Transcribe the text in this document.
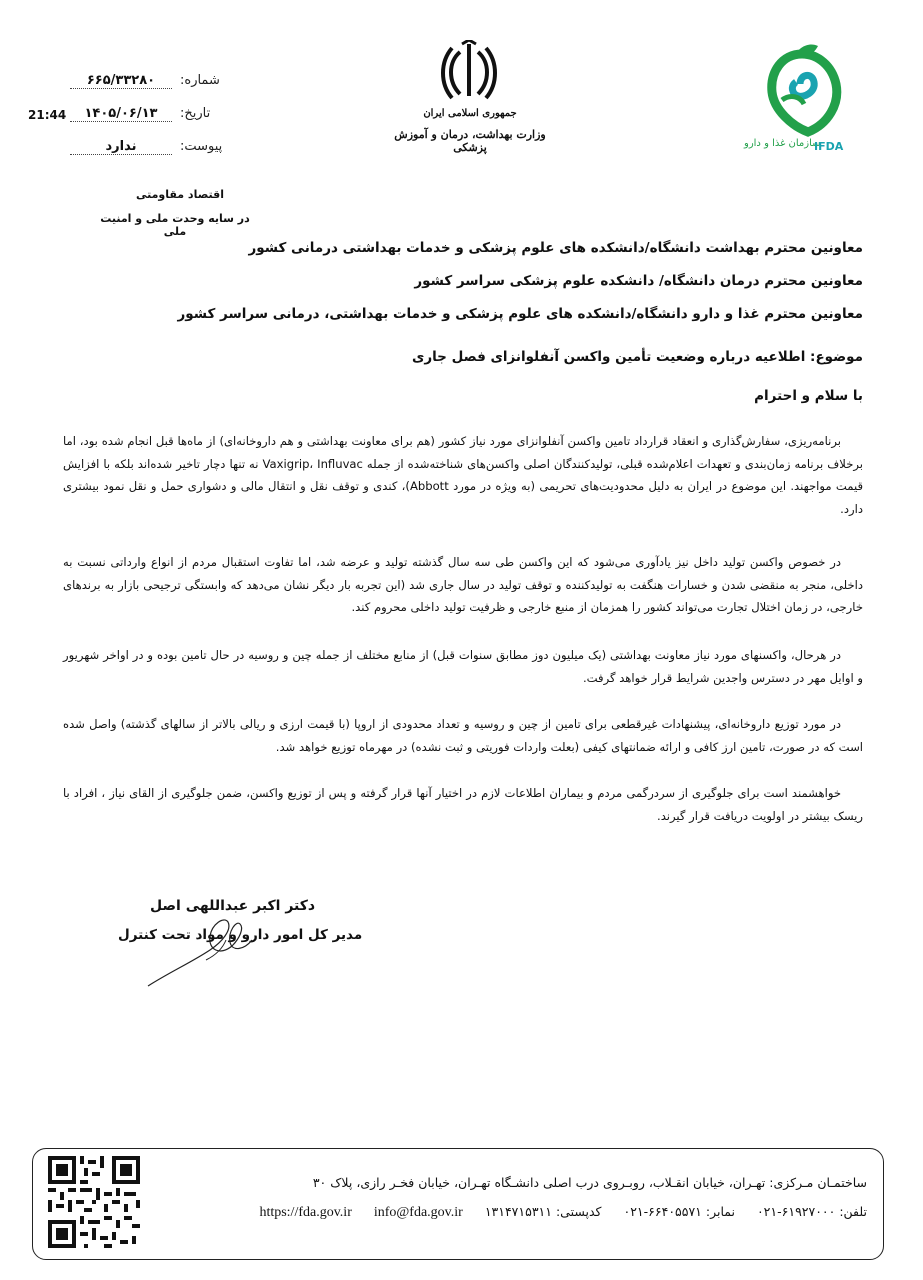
سازمان غذا و دارو
IFDA
جمهوری اسلامی ایران
وزارت بهداشت، درمان و آموزش پزشکی
شماره:
۶۶۵/۳۳۲۸۰
تاریخ:
۱۴۰۵/۰۶/۱۳
21:44
پیوست:
ندارد
اقتصاد مقاومتی
در سایه وحدت ملی و امنیت ملی
معاونین محترم بهداشت دانشگاه/دانشکده های علوم پزشکی و خدمات بهداشتی درمانی کشور
معاونین محترم درمان دانشگاه/ دانشکده علوم پزشکی سراسر کشور
معاونین محترم غذا و دارو دانشگاه/دانشکده های علوم پزشکی و خدمات بهداشتی، درمانی سراسر کشور
موضوع: اطلاعیه درباره وضعیت تأمین واکسن آنفلوانزای فصل جاری
با سلام و احترام
برنامه‌ریزی، سفارش‌گذاری و انعقاد قرارداد تامین واکسن آنفلوانزای مورد نیاز کشور (هم برای معاونت بهداشتی و هم داروخانه‌ای) از ماه‌ها قبل انجام شده بود، اما برخلاف برنامه زمان‌بندی و تعهدات اعلام‌شده قبلی، تولیدکنندگان اصلی واکسن‌های شناخته‌شده از جمله Vaxigrip، Influvac نه تنها دچار تاخیر شده‌اند بلکه با افزایش قیمت مواجهند. این موضوع در ایران به دلیل محدودیت‌های تحریمی (به ویژه در مورد Abbott)، کندی و توقف نقل و انتقال مالی و دشواری حمل و نقل نمود بیشتری دارد.
در خصوص واکسن تولید داخل نیز یادآوری می‌شود که این واکسن طی سه سال گذشته تولید و عرضه شد، اما تفاوت استقبال مردم از انواع وارداتی نسبت به داخلی، منجر به منقضی شدن و خسارات هنگفت به تولیدکننده و توقف تولید در سال جاری شد (این تجربه بار دیگر نشان می‌دهد که وابستگی ترجیحی بازار به برندهای خارجی، در زمان اختلال تجارت می‌تواند کشور را همزمان از منبع خارجی و ظرفیت تولید داخلی محروم کند.
در هرحال، واکسنهای مورد نیاز معاونت بهداشتی (یک میلیون دوز مطابق سنوات قبل) از منابع مختلف از جمله چین و روسیه در حال تامین بوده و در اواخر شهریور و اوایل مهر در دسترس واجدین شرایط قرار خواهد گرفت.
در مورد توزیع داروخانه‌ای، پیشنهادات غیرقطعی برای تامین از چین و روسیه و تعداد محدودی از اروپا (با قیمت ارزی و ریالی بالاتر از سالهای گذشته) واصل شده است که در صورت، تامین ارز کافی و ارائه ضمانتهای کیفی (بعلت واردات فوریتی و ثبت نشده) در مهرماه توزیع خواهد شد.
خواهشمند است برای جلوگیری از سردرگمی مردم و بیماران اطلاعات لازم در اختیار آنها قرار گرفته و پس از توزیع واکسن، ضمن جلوگیری از القای نیاز ، افراد با ریسک بیشتر در اولویت دریافت قرار گیرند.
دکتر اکبر عبداللهی اصل
مدیر کل امور دارو و مواد تحت کنترل
ساختمـان مـرکزی: تهـران، خیابان انقـلاب، روبـروی درب اصلی دانشـگاه تهـران، خیابان فخـر رازی، پلاک ۳۰
تلفن: ۶۱۹۲۷۰۰۰-۰۲۱
نمابر: ۶۶۴۰۵۵۷۱-۰۲۱
کدپستی: ۱۳۱۴۷۱۵۳۱۱
info@fda.gov.ir
https://fda.gov.ir
